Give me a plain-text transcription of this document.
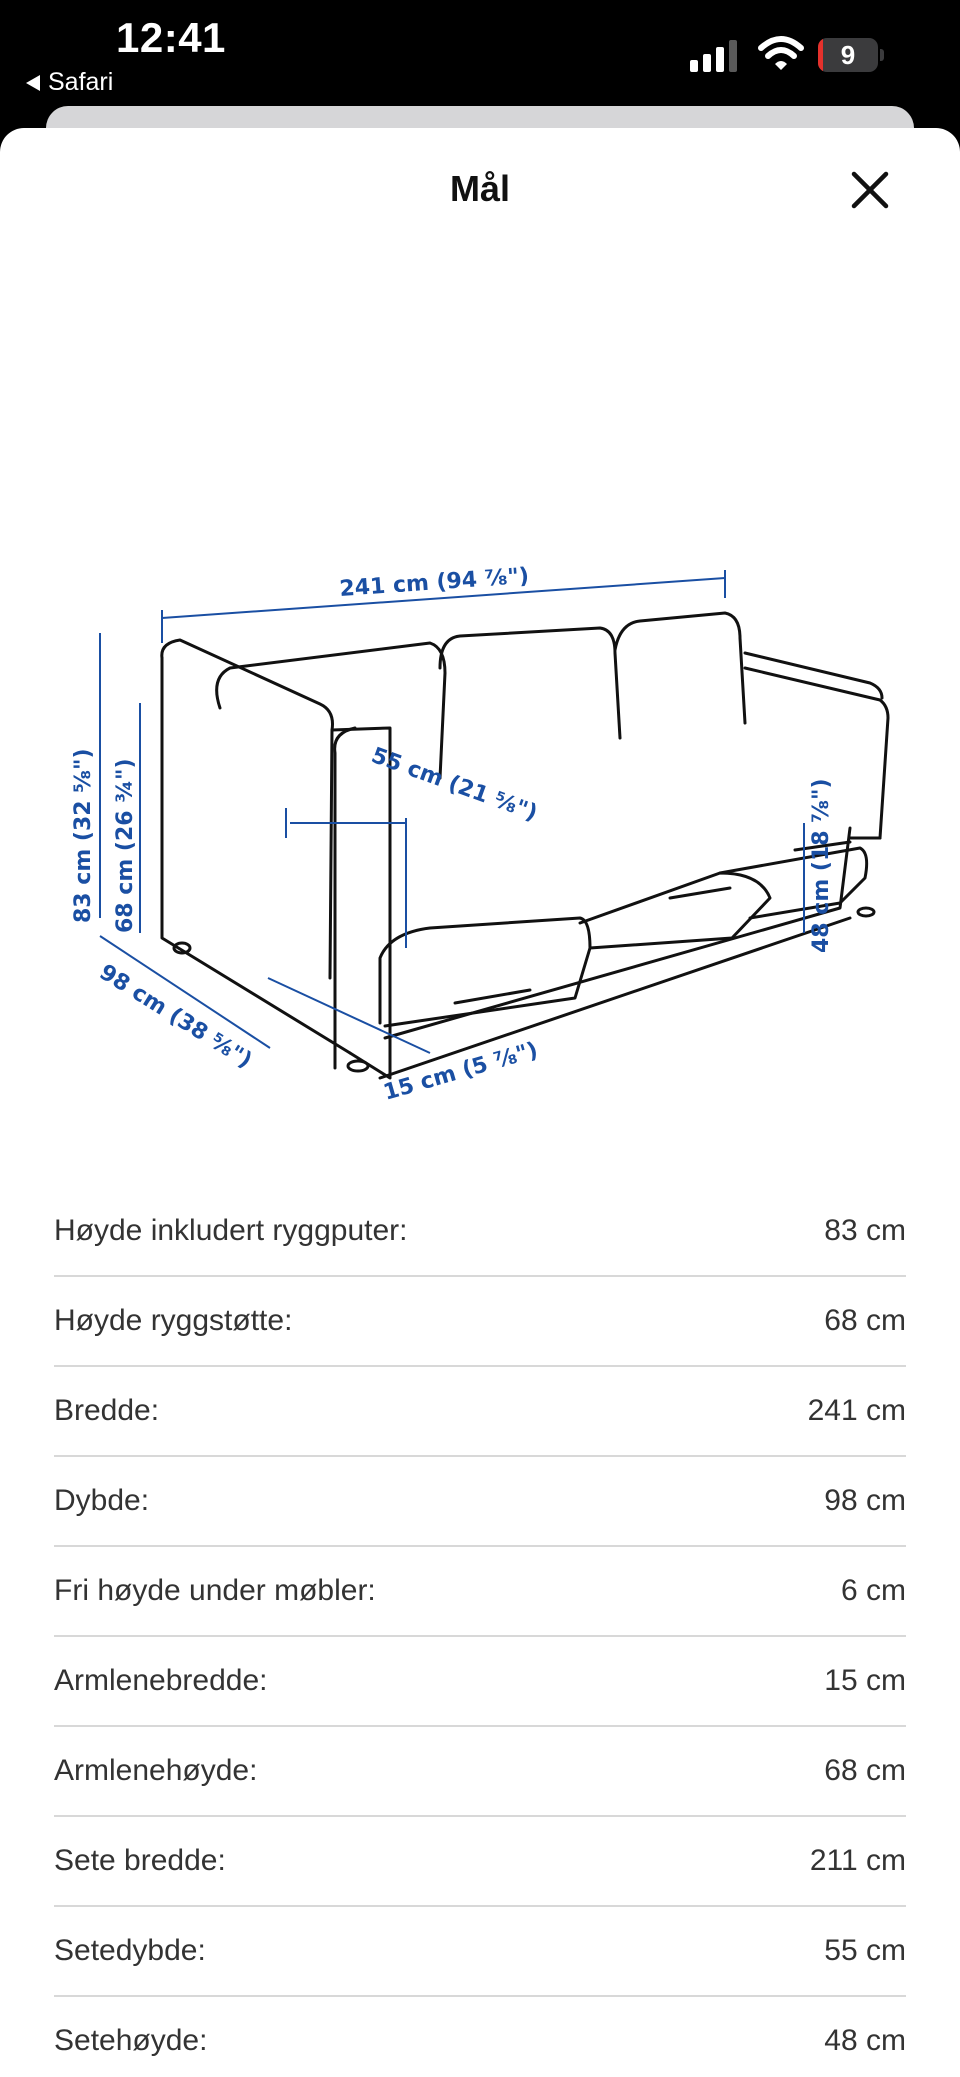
12:41
Safari
9
Mål
241 cm (94 ⅞")
83 cm (32 ⅝") 68 cm (26 ¾")
98 cm (38 ⅝")
55 cm (21 ⅝")
15 cm (5 ⅞")
48 cm (18 ⅞")
Høyde inkludert ryggputer:	83 cm
Høyde ryggstøtte:	68 cm
Bredde:	241 cm
Dybde:	98 cm
Fri høyde under møbler:	6 cm
Armlenebredde:	15 cm
Armlenehøyde:	68 cm
Sete bredde:	211 cm
Setedybde:	55 cm
Setehøyde:	48 cm
